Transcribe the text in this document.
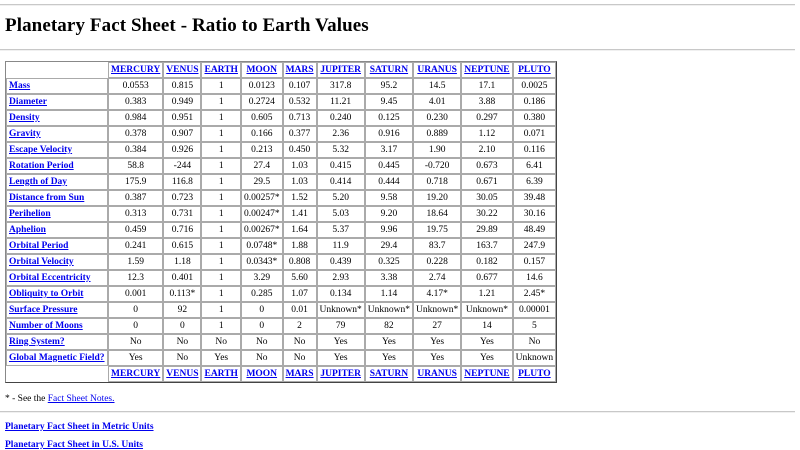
Planetary Fact Sheet - Ratio to Earth Values
	MERCURY	VENUS	EARTH	MOON	MARS	JUPITER	SATURN	URANUS	NEPTUNE	PLUTO
Mass	0.0553	0.815	1	0.0123	0.107	317.8	95.2	14.5	17.1	0.0025
Diameter	0.383	0.949	1	0.2724	0.532	11.21	9.45	4.01	3.88	0.186
Density	0.984	0.951	1	0.605	0.713	0.240	0.125	0.230	0.297	0.380
Gravity	0.378	0.907	1	0.166	0.377	2.36	0.916	0.889	1.12	0.071
Escape Velocity	0.384	0.926	1	0.213	0.450	5.32	3.17	1.90	2.10	0.116
Rotation Period	58.8	-244	1	27.4	1.03	0.415	0.445	-0.720	0.673	6.41
Length of Day	175.9	116.8	1	29.5	1.03	0.414	0.444	0.718	0.671	6.39
Distance from Sun	0.387	0.723	1	0.00257*	1.52	5.20	9.58	19.20	30.05	39.48
Perihelion	0.313	0.731	1	0.00247*	1.41	5.03	9.20	18.64	30.22	30.16
Aphelion	0.459	0.716	1	0.00267*	1.64	5.37	9.96	19.75	29.89	48.49
Orbital Period	0.241	0.615	1	0.0748*	1.88	11.9	29.4	83.7	163.7	247.9
Orbital Velocity	1.59	1.18	1	0.0343*	0.808	0.439	0.325	0.228	0.182	0.157
Orbital Eccentricity	12.3	0.401	1	3.29	5.60	2.93	3.38	2.74	0.677	14.6
Obliquity to Orbit	0.001	0.113*	1	0.285	1.07	0.134	1.14	4.17*	1.21	2.45*
Surface Pressure	0	92	1	0	0.01	Unknown*	Unknown*	Unknown*	Unknown*	0.00001
Number of Moons	0	0	1	0	2	79	82	27	14	5
Ring System?	No	No	No	No	No	Yes	Yes	Yes	Yes	No
Global Magnetic Field?	Yes	No	Yes	No	No	Yes	Yes	Yes	Yes	Unknown
	MERCURY	VENUS	EARTH	MOON	MARS	JUPITER	SATURN	URANUS	NEPTUNE	PLUTO
* - See the Fact Sheet Notes.
Planetary Fact Sheet in Metric Units
Planetary Fact Sheet in U.S. Units
